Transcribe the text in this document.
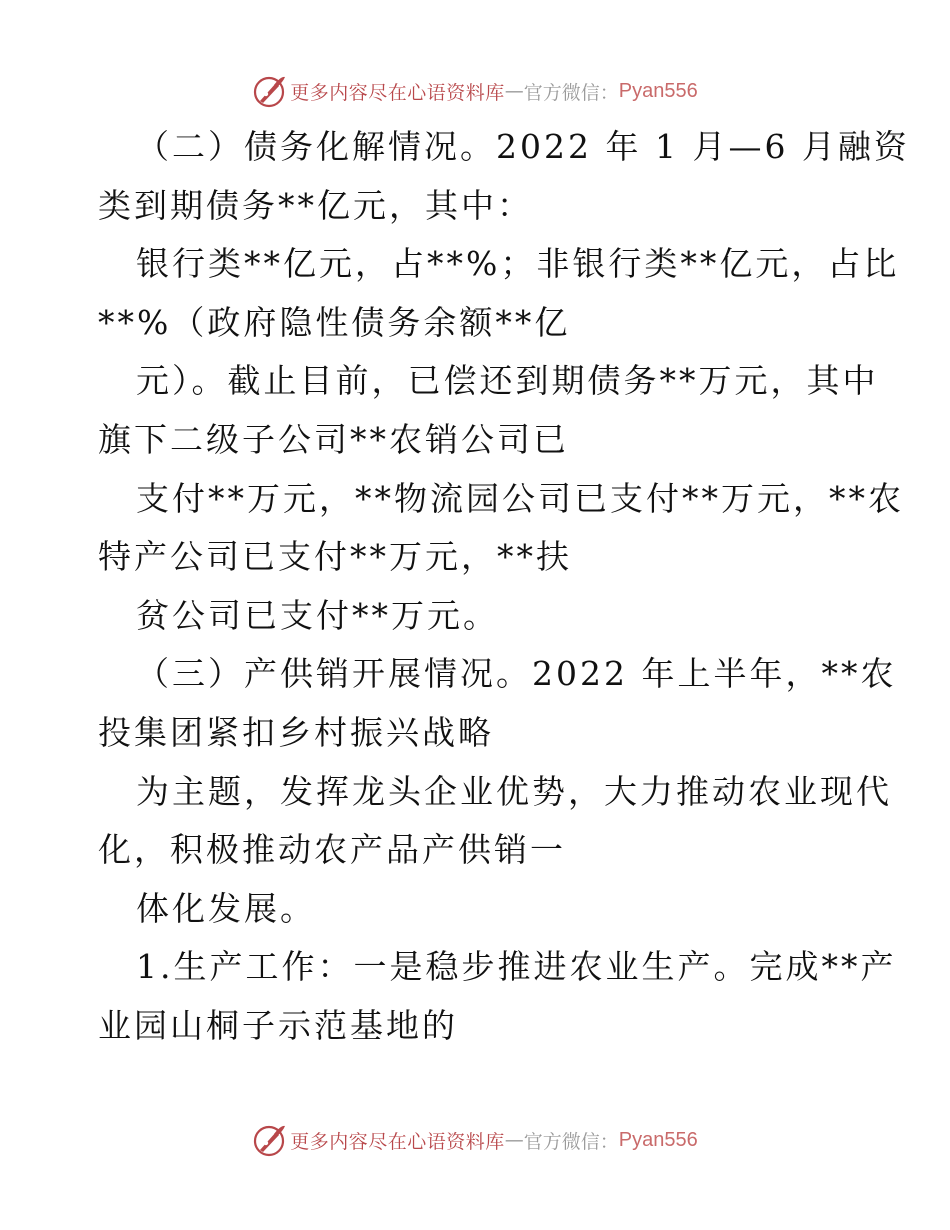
更多内容尽在心语资料库 — 官方微信： Pyan556
（二）债务化解情况。2022 年 1 月—6 月融资
类到期债务**亿元，其中：
银行类**亿元，占**%；非银行类**亿元，占比
**%（政府隐性债务余额**亿
元）。截止目前，已偿还到期债务**万元，其中
旗下二级子公司**农销公司已
支付**万元，**物流园公司已支付**万元，**农
特产公司已支付**万元，**扶
贫公司已支付**万元。
（三）产供销开展情况。2022 年上半年，**农
投集团紧扣乡村振兴战略
为主题，发挥龙头企业优势，大力推动农业现代
化，积极推动农产品产供销一
体化发展。
1.生产工作：一是稳步推进农业生产。完成**产
业园山桐子示范基地的
更多内容尽在心语资料库 — 官方微信： Pyan556
